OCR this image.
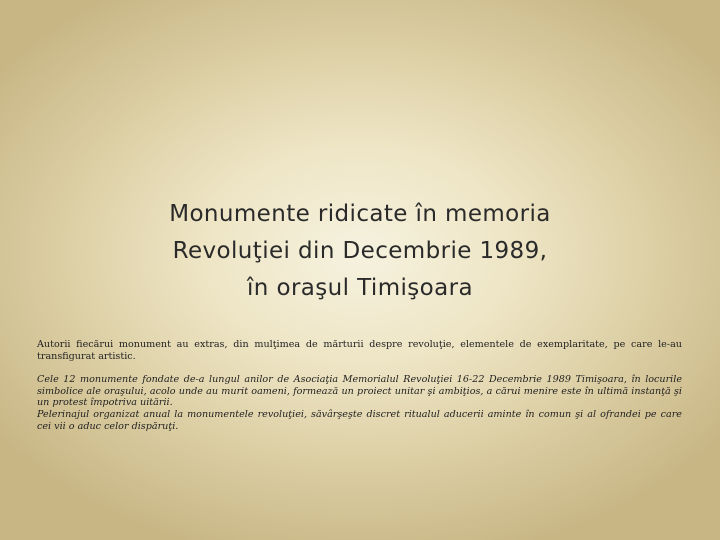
Monumente ridicate în memoria
Revoluţiei din Decembrie 1989,
în oraşul Timişoara

Autorii fiecărui monument au extras, din mulţimea de mărturii despre revoluţie, elementele de exemplaritate, pe care le-au transfigurat artistic.

Cele 12 monumente fondate de-a lungul anilor de Asociaţia Memorialul Revoluţiei 16-22 Decembrie 1989 Timişoara, în locurile simbolice ale oraşului, acolo unde au murit oameni, formează un proiect unitar şi ambiţios, a cărui menire este în ultimă instanţă şi un protest împotriva uitării.

Pelerinajul organizat anual la monumentele revoluţiei, săvârşeşte discret ritualul aducerii aminte în comun şi al ofrandei pe care cei vii o aduc celor dispăruţi.
